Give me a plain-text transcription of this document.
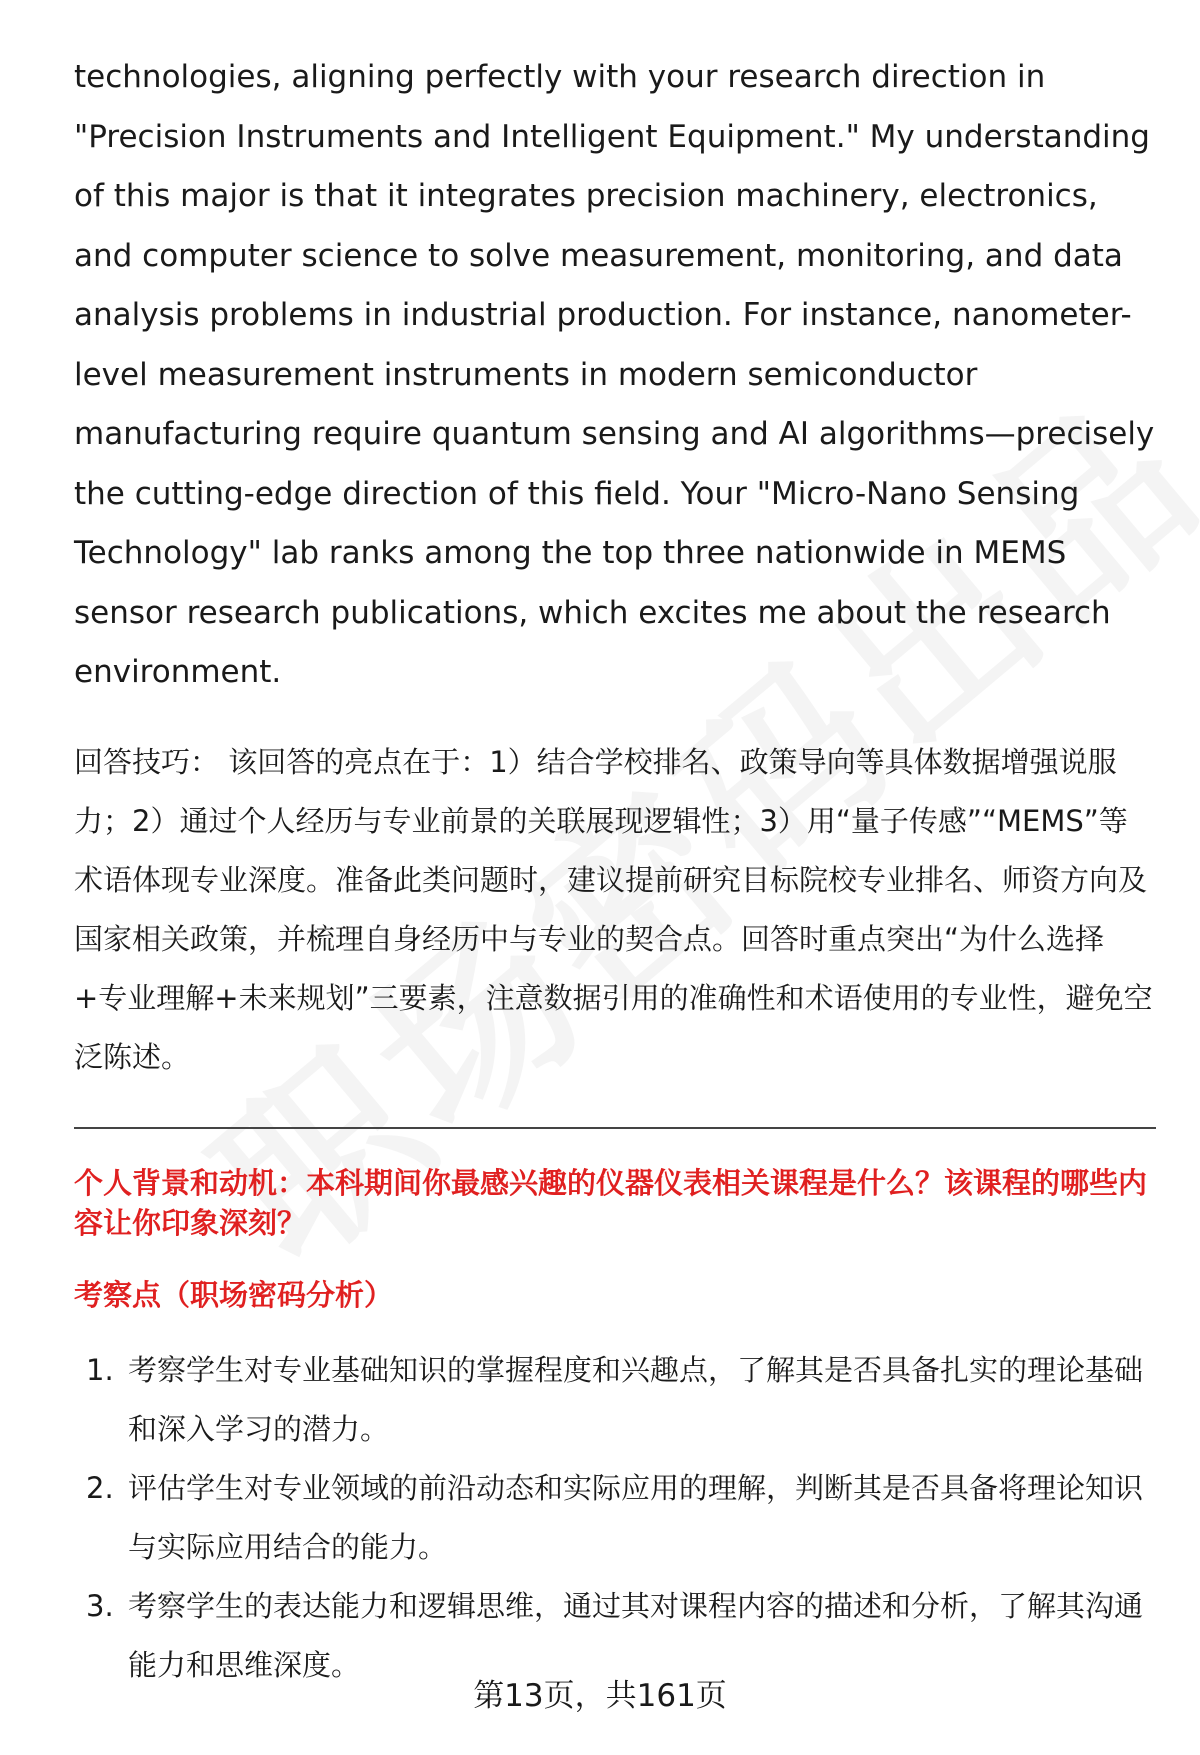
technologies, aligning perfectly with your research direction in "Precision Instruments and Intelligent Equipment." My understanding of this major is that it integrates precision machinery, electronics, and computer science to solve measurement, monitoring, and data analysis problems in industrial production. For instance, nanometer-level measurement instruments in modern semiconductor manufacturing require quantum sensing and AI algorithms—precisely the cutting-edge direction of this field. Your "Micro-Nano Sensing Technology" lab ranks among the top three nationwide in MEMS sensor research publications, which excites me about the research environment.

回答技巧： 该回答的亮点在于：1）结合学校排名、政策导向等具体数据增强说服力；2）通过个人经历与专业前景的关联展现逻辑性；3）用“量子传感”“MEMS”等术语体现专业深度。准备此类问题时，建议提前研究目标院校专业排名、师资方向及国家相关政策，并梳理自身经历中与专业的契合点。回答时重点突出“为什么选择+专业理解+未来规划”三要素，注意数据引用的准确性和术语使用的专业性，避免空泛陈述。

个人背景和动机：本科期间你最感兴趣的仪器仪表相关课程是什么？该课程的哪些内容让你印象深刻？
考察点（职场密码分析）
1. 考察学生对专业基础知识的掌握程度和兴趣点，了解其是否具备扎实的理论基础和深入学习的潜力。
2. 评估学生对专业领域的前沿动态和实际应用的理解，判断其是否具备将理论知识与实际应用结合的能力。
3. 考察学生的表达能力和逻辑思维，通过其对课程内容的描述和分析，了解其沟通能力和思维深度。
第13页，共161页
